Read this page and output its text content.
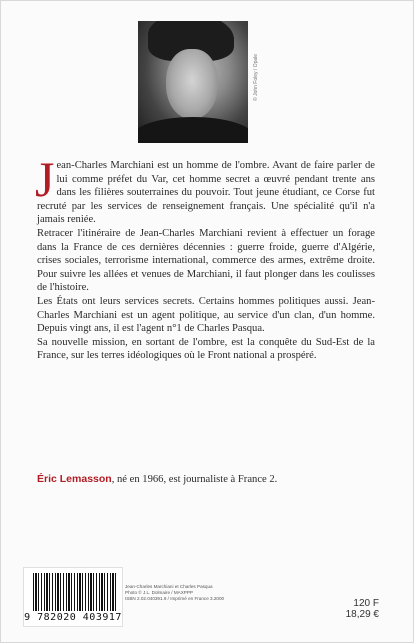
© John Foley / Opale

Jean-Charles Marchiani est un homme de l'ombre. Avant de faire parler de lui comme préfet du Var, cet homme secret a œuvré pendant trente ans dans les filières souterraines du pouvoir. Tout jeune étudiant, ce Corse fut recruté par les services de renseignement français. Une spécialité qu'il n'a jamais reniée.

Retracer l'itinéraire de Jean-Charles Marchiani revient à effectuer un forage dans la France de ces dernières décennies : guerre froide, guerre d'Algérie, crises sociales, terrorisme international, commerce des armes, extrême droite. Pour suivre les allées et venues de Marchiani, il faut plonger dans les coulisses de l'histoire.

Les États ont leurs services secrets. Certains hommes politiques aussi. Jean-Charles Marchiani est un agent politique, au service d'un clan, d'un homme. Depuis vingt ans, il est l'agent n°1 de Charles Pasqua.

Sa nouvelle mission, en sortant de l'ombre, est la conquête du Sud-Est de la France, sur les terres idéologiques où le Front national a prospéré.

Éric Lemasson, né en 1966, est journaliste à France 2.

9 782020 403917
Jean-Charles Marchiani et Charles Pasqua
Photo © J.L. Dolmaire / MAXPPP
ISBN 2.02.040391.9 / Imprimé en France 3.2000	120 F
18,29 €
